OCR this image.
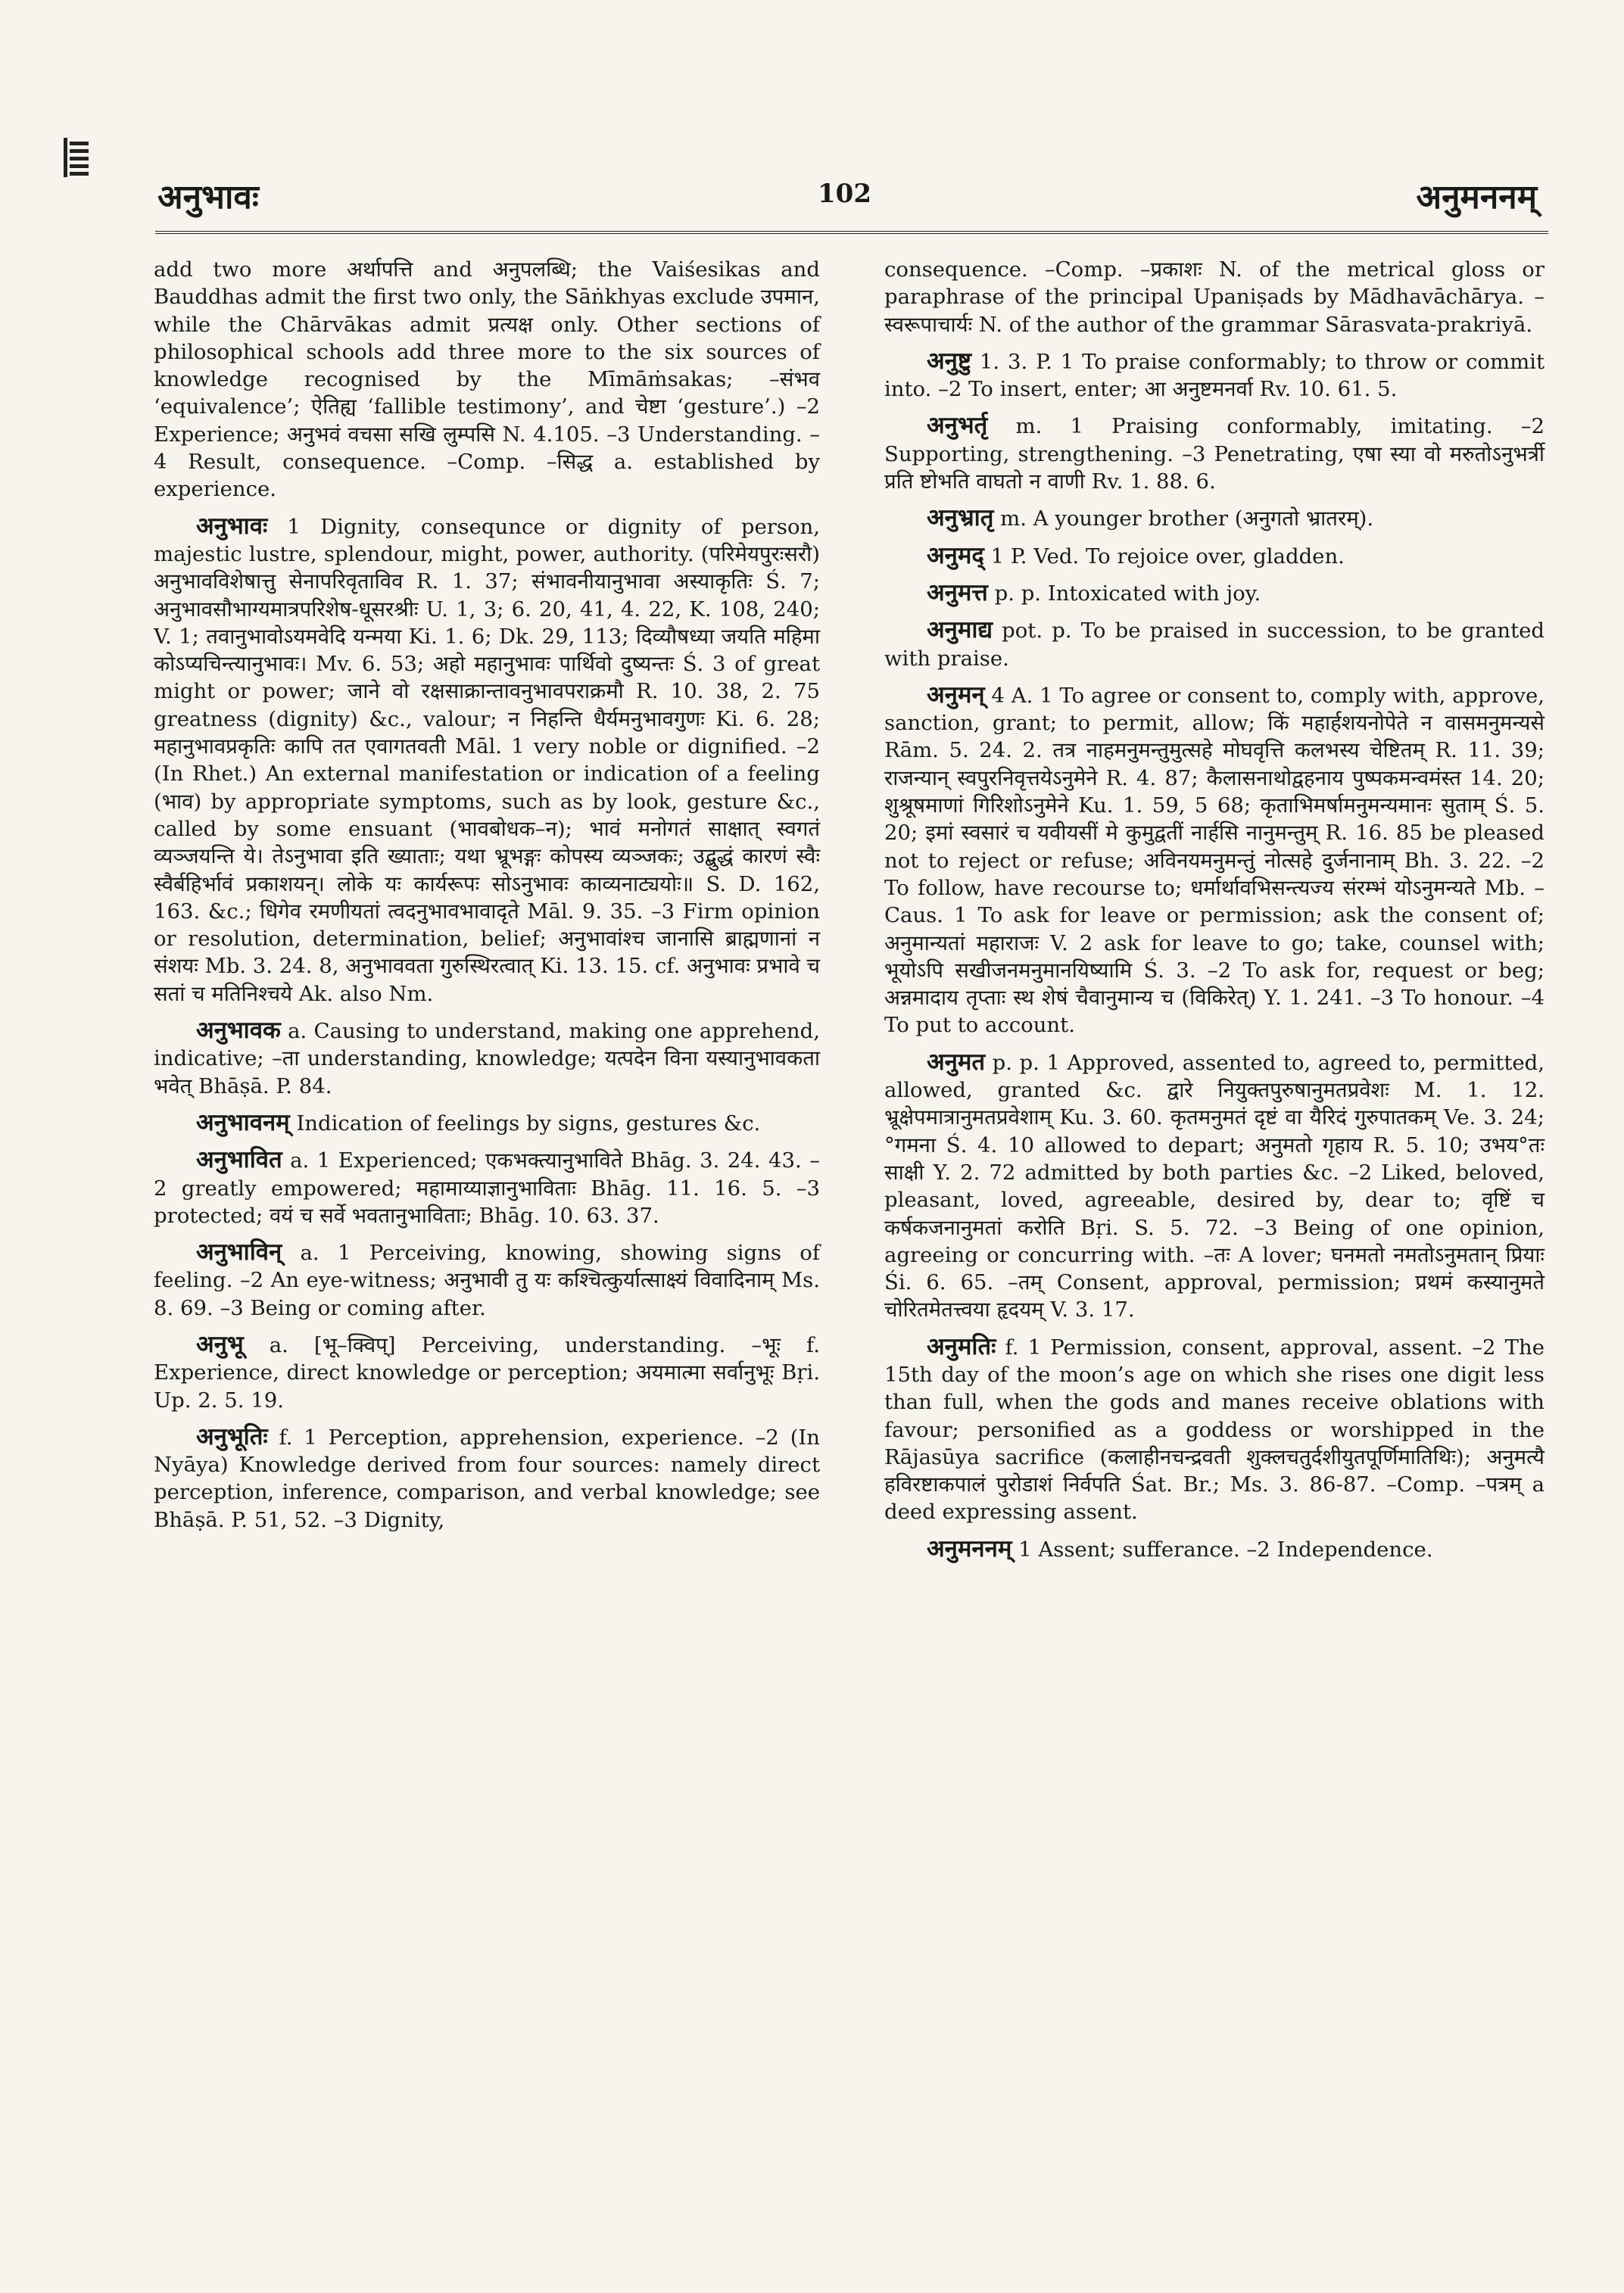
अनुभावः	102	अनुमननम्

add two more अर्थापत्ति and अनुपलब्धि; the Vaiśesikas and Bauddhas admit the first two only, the Sāṅkhyas exclude उपमान, while the Chārvākas admit प्रत्यक्ष only. Other sections of philosophical schools add three more to the six sources of knowledge recognised by the Mīmāṁsakas; –संभव ‘equivalence’; ऐतिह्य ‘fallible testimony’, and चेष्टा ‘gesture’.) –2 Experience; अनुभवं वचसा सखि लुम्पसि N. 4.105. –3 Understanding. –4 Result, consequence. –Comp. –सिद्ध a. established by experience.

अनुभावः 1 Dignity, consequnce or dignity of person, majestic lustre, splendour, might, power, authority. (परिमेयपुरःसरौ) अनुभावविशेषात्तु सेनापरिवृताविव R. 1. 37; संभावनीयानुभावा अस्याकृतिः Ś. 7; अनुभावसौभाग्यमात्रपरिशेष-धूसरश्रीः U. 1, 3; 6. 20, 41, 4. 22, K. 108, 240; V. 1; तवानुभावोऽयमवेदि यन्मया Ki. 1. 6; Dk. 29, 113; दिव्यौषध्या जयति महिमा कोऽप्यचिन्त्यानुभावः। Mv. 6. 53; अहो महानुभावः पार्थिवो दुष्यन्तः Ś. 3 of great might or power; जाने वो रक्षसाक्रान्तावनुभावपराक्रमौ R. 10. 38, 2. 75 greatness (dignity) &c., valour; न निहन्ति धैर्यमनुभावगुणः Ki. 6. 28; महानुभावप्रकृतिः कापि तत एवागतवती Māl. 1 very noble or dignified. –2 (In Rhet.) An external manifestation or indication of a feeling (भाव) by appropriate symptoms, such as by look, gesture &c., called by some ensuant (भावबोधक–न); भावं मनोगतं साक्षात् स्वगतं व्यञ्जयन्ति ये। तेऽनुभावा इति ख्याताः; यथा भ्रूभङ्गः कोपस्य व्यञ्जकः; उद्बुद्धं कारणं स्वैः स्वैर्बहिर्भावं प्रकाशयन्। लोके यः कार्यरूपः सोऽनुभावः काव्यनाट्ययोः॥ S. D. 162, 163. &c.; धिगेव रमणीयतां त्वदनुभावभावादृते Māl. 9. 35. –3 Firm opinion or resolution, determination, belief; अनुभावांश्च जानासि ब्राह्मणानां न संशयः Mb. 3. 24. 8, अनुभाववता गुरुस्थिरत्वात् Ki. 13. 15. cf. अनुभावः प्रभावे च सतां च मतिनिश्चये Ak. also Nm.

अनुभावक a. Causing to understand, making one apprehend, indicative; –ता understanding, knowledge; यत्पदेन विना यस्यानुभावकता भवेत् Bhāṣā. P. 84.

अनुभावनम् Indication of feelings by signs, gestures &c.

अनुभावित a. 1 Experienced; एकभक्त्यानुभाविते Bhāg. 3. 24. 43. –2 greatly empowered; महामाय्याज्ञानुभाविताः Bhāg. 11. 16. 5. –3 protected; वयं च सर्वे भवतानुभाविताः; Bhāg. 10. 63. 37.

अनुभाविन् a. 1 Perceiving, knowing, showing signs of feeling. –2 An eye-witness; अनुभावी तु यः कश्चित्कुर्यात्साक्ष्यं विवादिनाम् Ms. 8. 69. –3 Being or coming after.

अनुभू a. [भू–क्विप्] Perceiving, understanding. –भूः f. Experience, direct knowledge or perception; अयमात्मा सर्वानुभूः Bṛi. Up. 2. 5. 19.

अनुभूतिः f. 1 Perception, apprehension, experience. –2 (In Nyāya) Knowledge derived from four sources: namely direct perception, inference, comparison, and verbal knowledge; see Bhāṣā. P. 51, 52. –3 Dignity,

consequence. –Comp. –प्रकाशः N. of the metrical gloss or paraphrase of the principal Upaniṣads by Mādhavāchārya. –स्वरूपाचार्यः N. of the author of the grammar Sārasvata-prakriyā.

अनुष्टु 1. 3. P. 1 To praise conformably; to throw or commit into. –2 To insert, enter; आ अनुष्टमनर्वा Rv. 10. 61. 5.

अनुभर्तृ m. 1 Praising conformably, imitating. –2 Supporting, strengthening. –3 Penetrating, एषा स्या वो मरुतोऽनुभर्त्री प्रति ष्टोभति वाघतो न वाणी Rv. 1. 88. 6.

अनुभ्रातृ m. A younger brother (अनुगतो भ्रातरम्).

अनुमद् 1 P. Ved. To rejoice over, gladden.

अनुमत्त p. p. Intoxicated with joy.

अनुमाद्य pot. p. To be praised in succession, to be granted with praise.

अनुमन् 4 A. 1 To agree or consent to, comply with, approve, sanction, grant; to permit, allow; किं महार्हशयनोपेते न वासमनुमन्यसे Rām. 5. 24. 2. तत्र नाहमनुमन्तुमुत्सहे मोघवृत्ति कलभस्य चेष्टितम् R. 11. 39; राजन्यान् स्वपुरनिवृत्तयेऽनुमेने R. 4. 87; कैलासनाथोद्वहनाय पुष्पकमन्वमंस्त 14. 20; शुश्रूषमाणां गिरिशोऽनुमेने Ku. 1. 59, 5 68; कृताभिमर्षामनुमन्यमानः सुताम् Ś. 5. 20; इमां स्वसारं च यवीयसीं मे कुमुद्वतीं नार्हसि नानुमन्तुम् R. 16. 85 be pleased not to reject or refuse; अविनयमनुमन्तुं नोत्सहे दुर्जनानाम् Bh. 3. 22. –2 To follow, have recourse to; धर्मार्थावभिसन्त्यज्य संरम्भं योऽनुमन्यते Mb. –Caus. 1 To ask for leave or permission; ask the consent of; अनुमान्यतां महाराजः V. 2 ask for leave to go; take, counsel with; भूयोऽपि सखीजनमनुमानयिष्यामि Ś. 3. –2 To ask for, request or beg; अन्नमादाय तृप्ताः स्थ शेषं चैवानुमान्य च (विकिरेत्) Y. 1. 241. –3 To honour. –4 To put to account.

अनुमत p. p. 1 Approved, assented to, agreed to, permitted, allowed, granted &c. द्वारे नियुक्तपुरुषानुमतप्रवेशः M. 1. 12. भ्रूक्षेपमात्रानुमतप्रवेशाम् Ku. 3. 60. कृतमनुमतं दृष्टं वा यैरिदं गुरुपातकम् Ve. 3. 24; °गमना Ś. 4. 10 allowed to depart; अनुमतो गृहाय R. 5. 10; उभय°तः साक्षी Y. 2. 72 admitted by both parties &c. –2 Liked, beloved, pleasant, loved, agreeable, desired by, dear to; वृष्टिं च कर्षकजनानुमतां करोति Bṛi. S. 5. 72. –3 Being of one opinion, agreeing or concurring with. –तः A lover; घनमतो नमतोऽनुमतान् प्रियाः Śi. 6. 65. –तम् Consent, approval, permission; प्रथमं कस्यानुमते चोरितमेतत्त्वया हृदयम् V. 3. 17.

अनुमतिः f. 1 Permission, consent, approval, assent. –2 The 15th day of the moon’s age on which she rises one digit less than full, when the gods and manes receive oblations with favour; personified as a goddess or worshipped in the Rājasūya sacrifice (कलाहीनचन्द्रवती शुक्लचतुर्दशीयुतपूर्णिमातिथिः); अनुमत्यै हविरष्टाकपालं पुरोडाशं निर्वपति Śat. Br.; Ms. 3. 86-87. –Comp. –पत्रम् a deed expressing assent.

अनुमननम् 1 Assent; sufferance. –2 Independence.
